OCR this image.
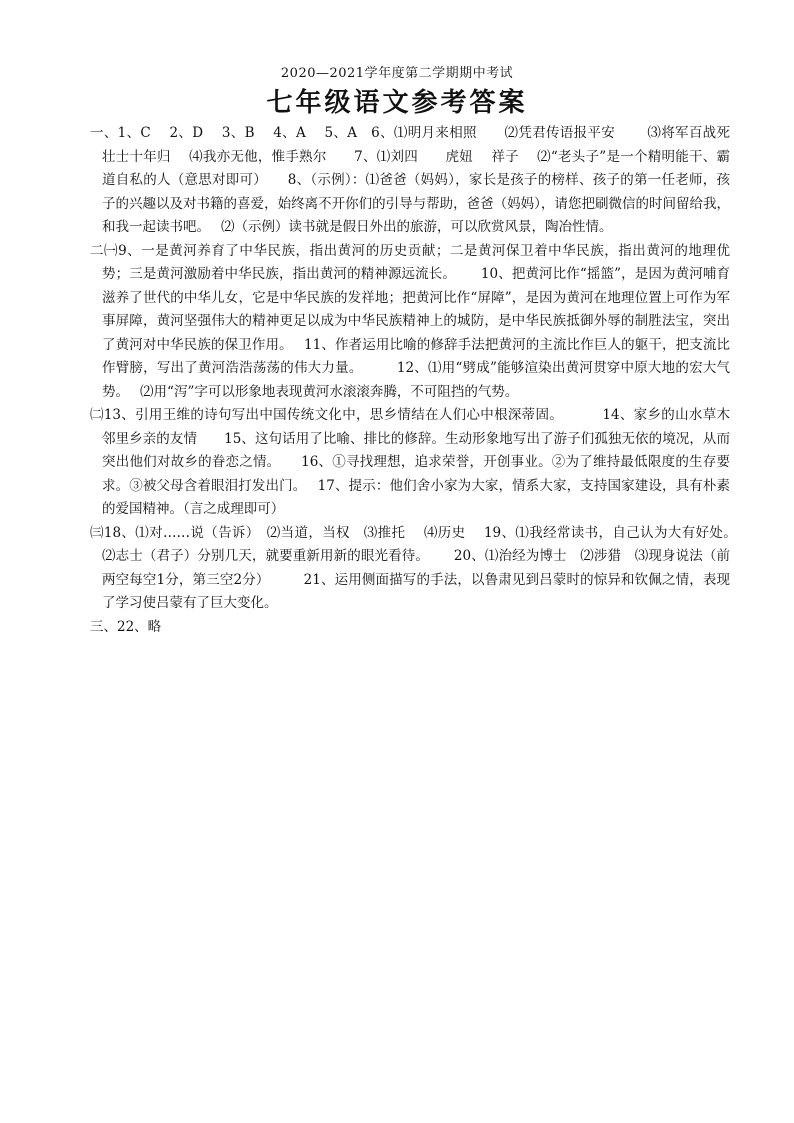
2020—2021学年度第二学期期中考试
七年级语文参考答案

一、1、C　 2、D　 3、B　 4、A　 5、A　6、⑴明月来相照　　⑵凭君传语报平安　　 ⑶将军百战死　 壮士十年归　 ⑷我亦无他，惟手熟尔　　7、⑴刘四　　虎妞　 祥子　 ⑵“老头子”是一个精明能干、霸道自私的人（意思对即可）　　8、（示例）：⑴爸爸（妈妈），家长是孩子的榜样、孩子的第一任老师，孩子的兴趣以及对书籍的喜爱，始终离不开你们的引导与帮助，爸爸（妈妈），请您把刷微信的时间留给我，和我一起读书吧。　 ⑵（示例）读书就是假日外出的旅游，可以欣赏风景，陶冶性情。

二㈠9、一是黄河养育了中华民族，指出黄河的历史贡献；二是黄河保卫着中华民族，指出黄河的地理优势；三是黄河激励着中华民族，指出黄河的精神源远流长。　　 10、把黄河比作“摇篮”，是因为黄河哺育滋养了世代的中华儿女，它是中华民族的发祥地；把黄河比作“屏障”，是因为黄河在地理位置上可作为军事屏障，黄河坚强伟大的精神更足以成为中华民族精神上的城防，是中华民族抵御外辱的制胜法宝，突出了黄河对中华民族的保卫作用。　 11、作者运用比喻的修辞手法把黄河的主流比作巨人的躯干，把支流比作臂膀，写出了黄河浩浩荡荡的伟大力量。　　　12、⑴用“劈成”能够渲染出黄河贯穿中原大地的宏大气势。　 ⑵用“泻”字可以形象地表现黄河水滚滚奔腾，不可阻挡的气势。

㈡13、引用王维的诗句写出中国传统文化中，思乡情结在人们心中根深蒂固。　　　 14、家乡的山水草木　　邻里乡亲的友情　　15、这句话用了比喻、排比的修辞。生动形象地写出了游子们孤独无依的境况，从而突出他们对故乡的眷恋之情。　　16、①寻找理想，追求荣誉，开创事业。②为了维持最低限度的生存要求。③被父母含着眼泪打发出门。　 17、提示：他们舍小家为大家，情系大家，支持国家建设，具有朴素的爱国精神。（言之成理即可）

㈢18、⑴对……说（告诉）　⑵当道，当权　⑶推托　 ⑷历史　 19、⑴我经常读书，自己认为大有好处。　⑵志士（君子）分别几天，就要重新用新的眼光看待。　　 20、⑴治经为博士　⑵涉猎　⑶现身说法（前两空每空1分，第三空2分）　　　21、运用侧面描写的手法，以鲁肃见到吕蒙时的惊异和钦佩之情，表现了学习使吕蒙有了巨大变化。

三、22、略
